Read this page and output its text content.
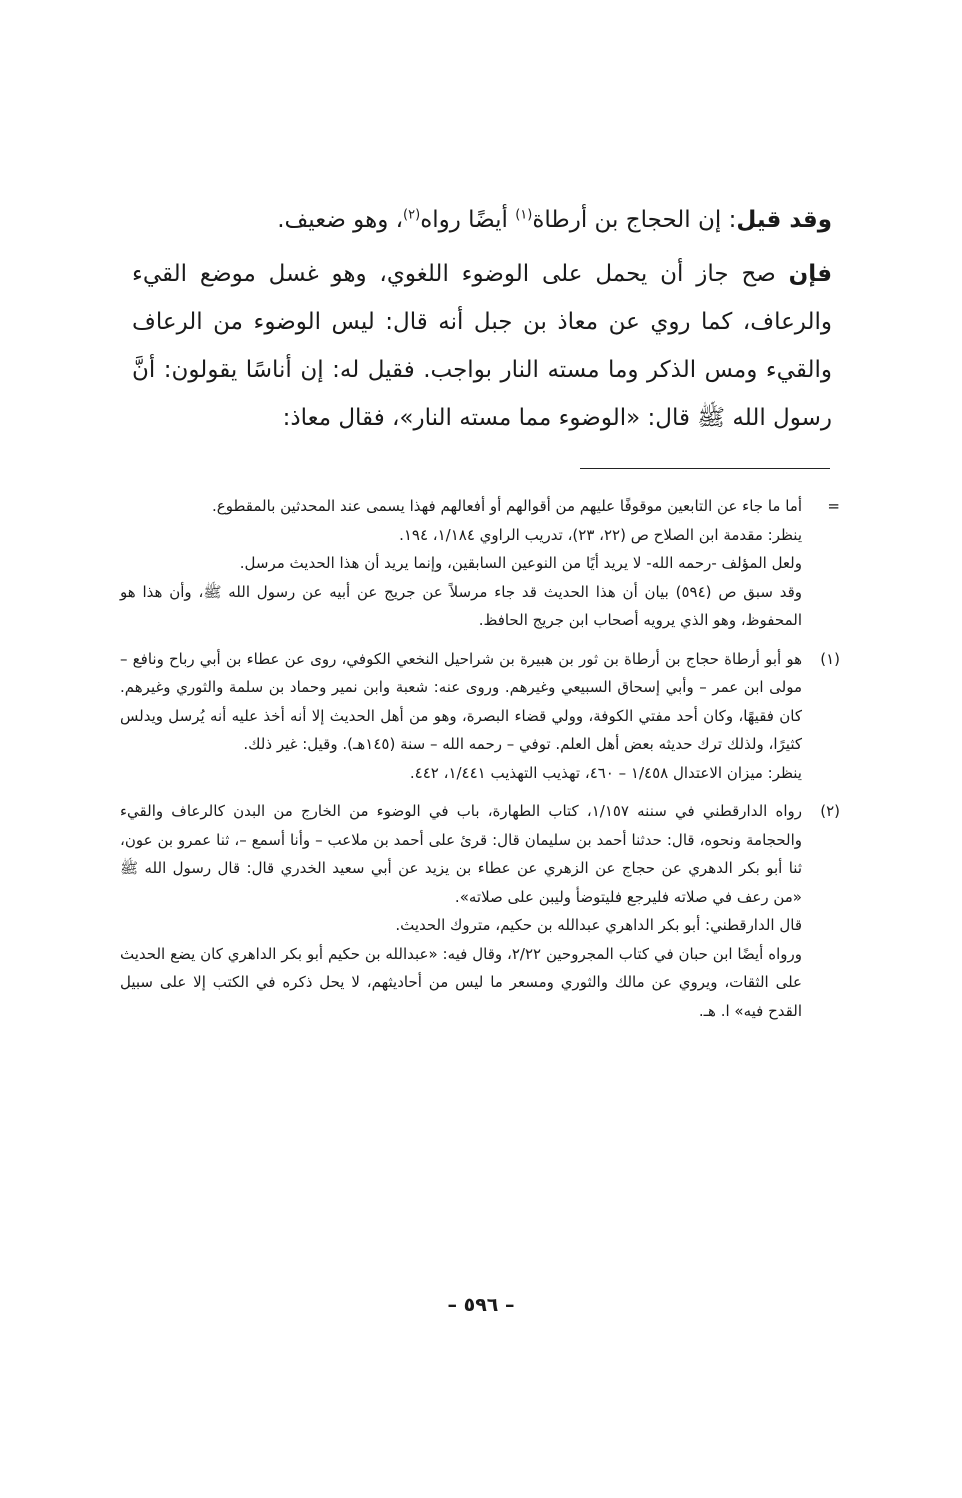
وقد قيل: إن الحجاج بن أرطاة$^{(١)}$ أيضًا رواه$^{(٢)}$، وهو ضعيف.

فإن صح جاز أن يحمل على الوضوء اللغوي، وهو غسل موضع القيء والرعاف، كما روي عن معاذ بن جبل أنه قال: ليس الوضوء من الرعاف والقيء ومس الذكر وما مسته النار بواجب. فقيل له: إن أناسًا يقولون: أنَّ رسول الله ﷺ قال: «الوضوء مما مسته النار»، فقال معاذ:

=

أما ما جاء عن التابعين موقوفًا عليهم من أقوالهم أو أفعالهم فهذا يسمى عند المحدثين بالمقطوع.

ينظر: مقدمة ابن الصلاح ص (٢٢، ٢٣)، تدريب الراوي ١/١٨٤، ١٩٤.

ولعل المؤلف -رحمه الله- لا يريد أيًا من النوعين السابقين، وإنما يريد أن هذا الحديث مرسل.

وقد سبق ص (٥٩٤) بيان أن هذا الحديث قد جاء مرسلاً عن جريج عن أبيه عن رسول الله ﷺ، وأن هذا هو المحفوظ، وهو الذي يرويه أصحاب ابن جريج الحافظ.

(١)

هو أبو أرطاة حجاج بن أرطاة بن ثور بن هبيرة بن شراحيل النخعي الكوفي، روى عن عطاء بن أبي رباح ونافع – مولى ابن عمر – وأبي إسحاق السبيعي وغيرهم. وروى عنه: شعبة وابن نمير وحماد بن سلمة والثوري وغيرهم. كان فقيهًا، وكان أحد مفتي الكوفة، وولي قضاء البصرة، وهو من أهل الحديث إلا أنه أخذ عليه أنه يُرسل ويدلس كثيرًا، ولذلك ترك حديثه بعض أهل العلم. توفي – رحمه الله – سنة (١٤٥هـ). وقيل: غير ذلك.

ينظر: ميزان الاعتدال ١/٤٥٨ – ٤٦٠، تهذيب التهذيب ١/٤٤١، ٤٤٢.

(٢)

رواه الدارقطني في سننه ١/١٥٧، كتاب الطهارة، باب في الوضوء من الخارج من البدن كالرعاف والقيء والحجامة ونحوه، قال: حدثنا أحمد بن سليمان قال: قرئ على أحمد بن ملاعب – وأنا أسمع –، ثنا عمرو بن عون، ثنا أبو بكر الدهري عن حجاج عن الزهري عن عطاء بن يزيد عن أبي سعيد الخدري قال: قال رسول الله ﷺ «من رعف في صلاته فليرجع فليتوضأ وليبن على صلاته».

قال الدارقطني: أبو بكر الداهري عبدالله بن حكيم، متروك الحديث.

ورواه أيضًا ابن حبان في كتاب المجروحين ٢/٢٢، وقال فيه: «عبدالله بن حكيم أبو بكر الداهري كان يضع الحديث على الثقات، ويروي عن مالك والثوري ومسعر ما ليس من أحاديثهم، لا يحل ذكره في الكتب إلا على سبيل القدح فيه» ا. هـ.

– ٥٩٦ –
